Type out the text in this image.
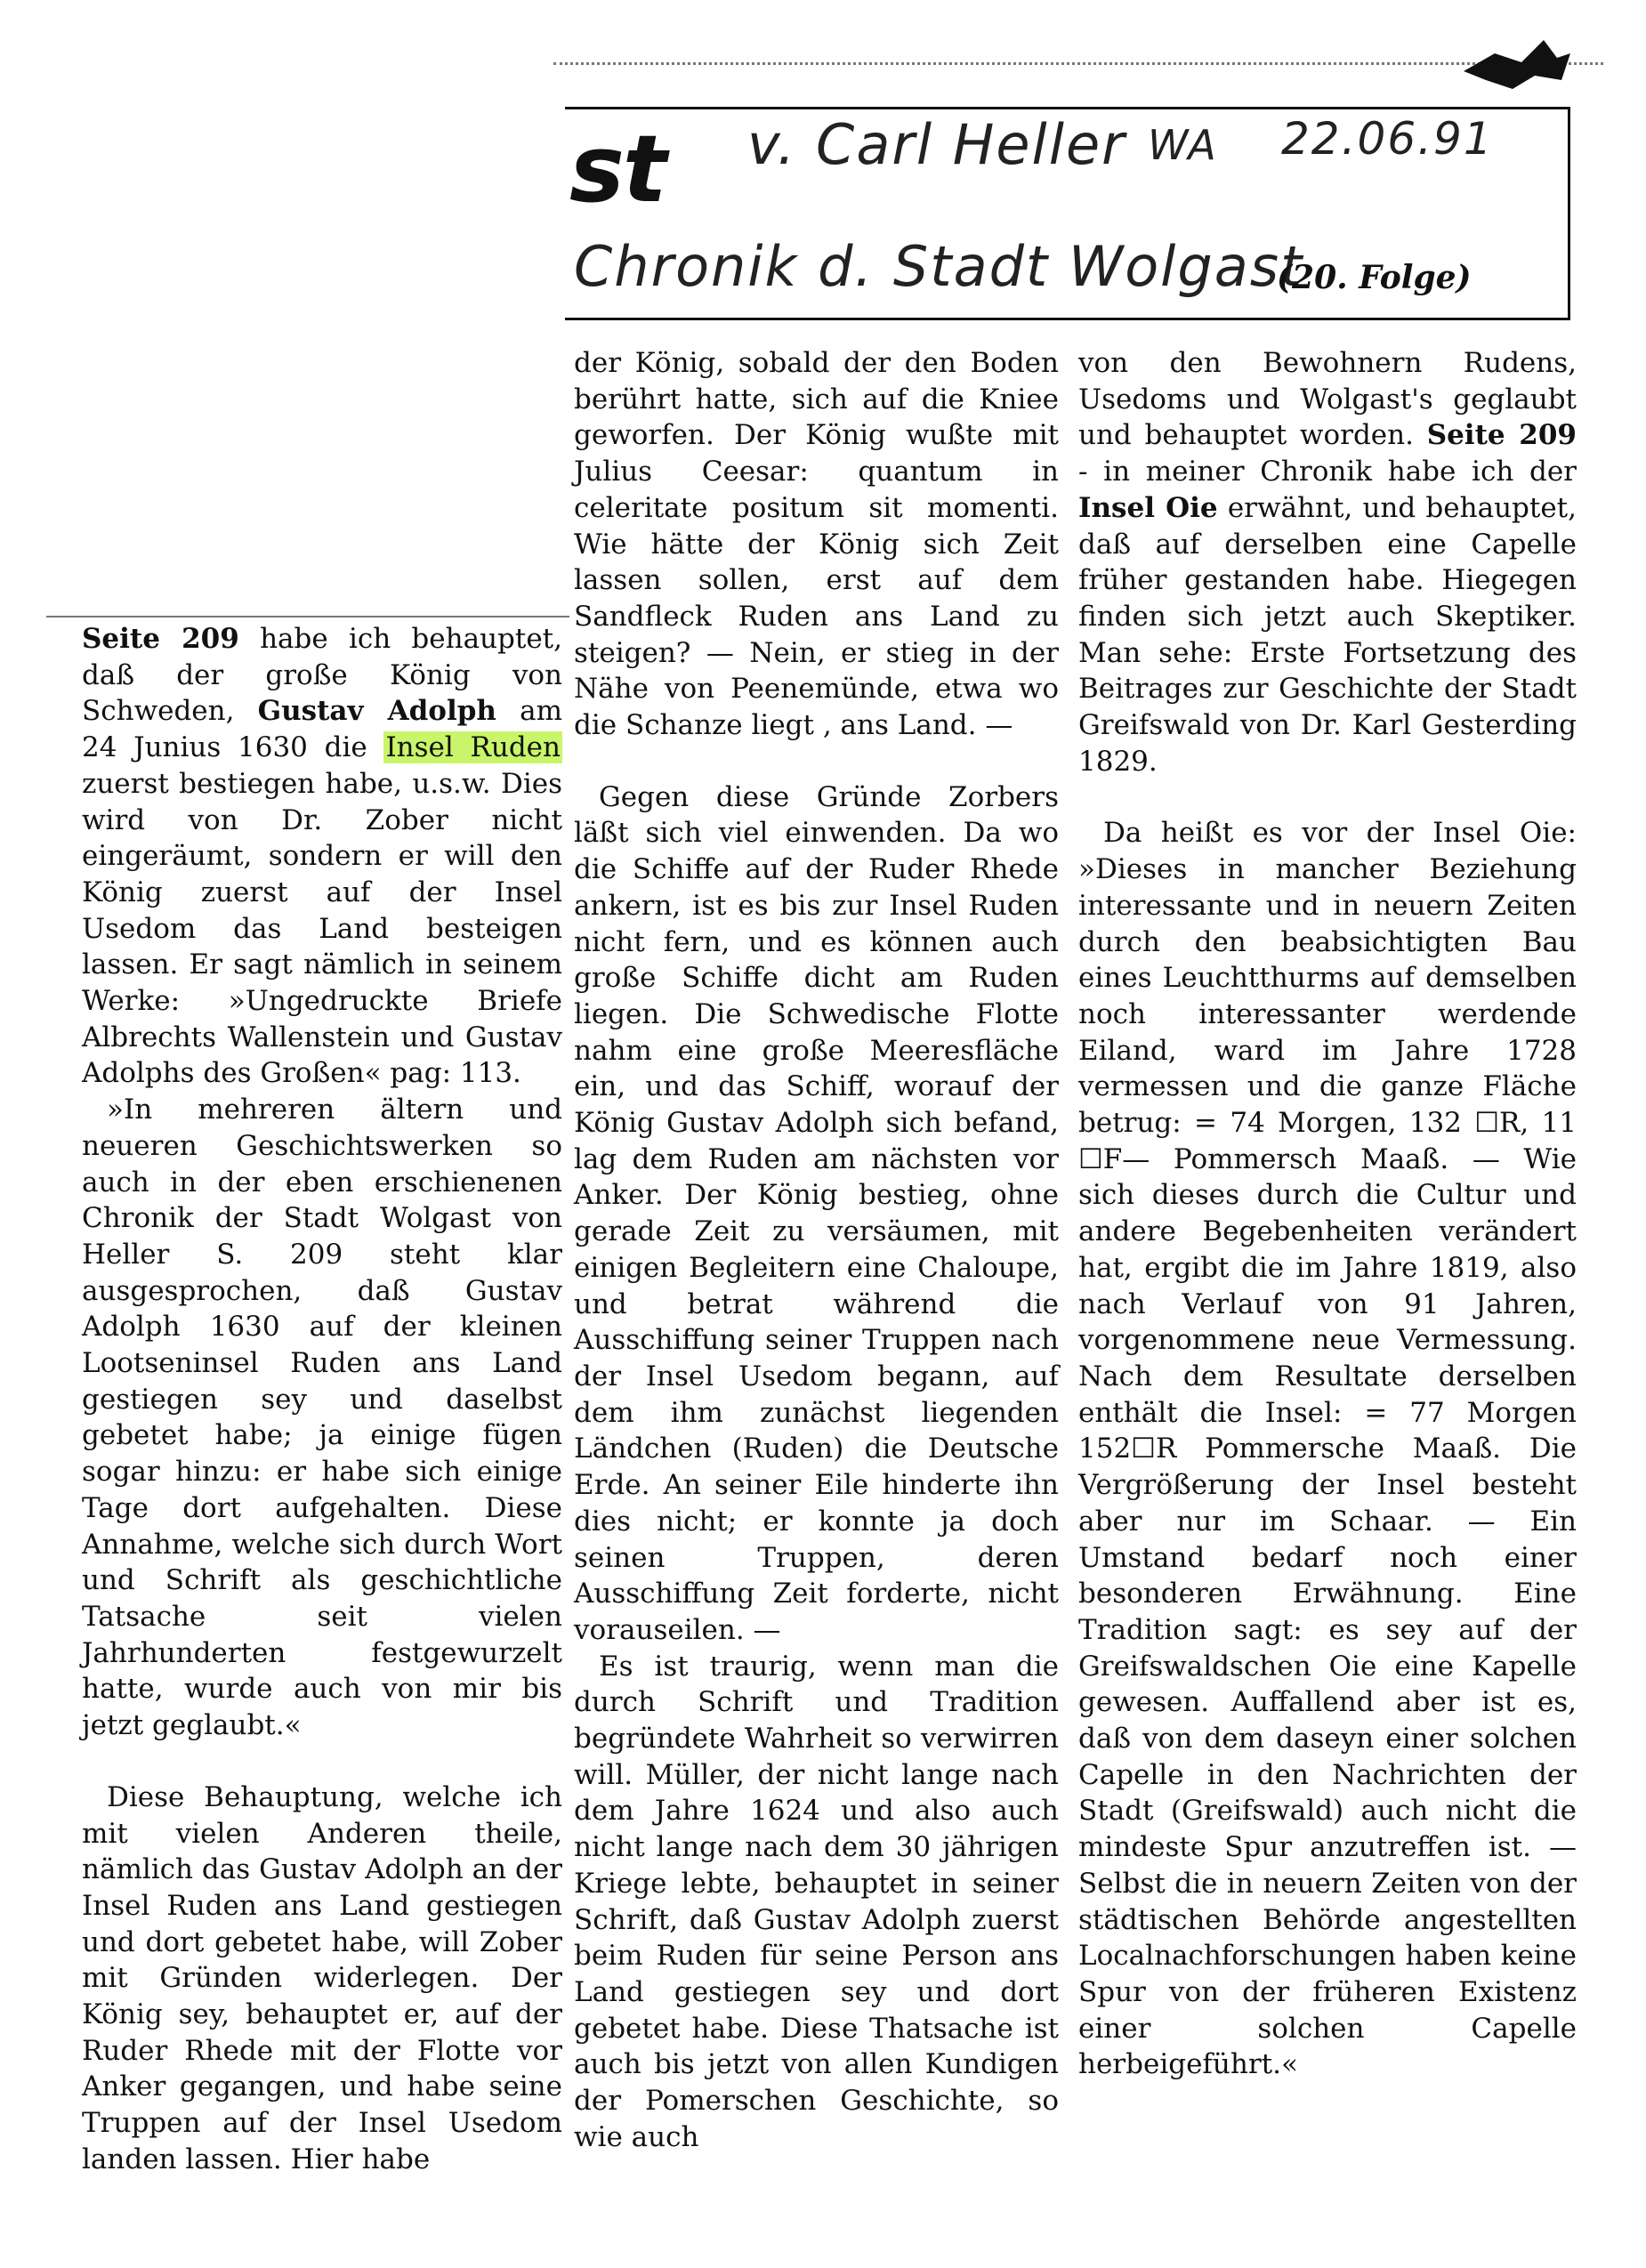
st	v. Carl Heller WA 22.06.91
Chronik d. Stadt Wolgast
(20. Folge)

Seite 209 habe ich behauptet, daß der große König von Schweden, Gustav Adolph am 24 Junius 1630 die Insel Ruden zuerst bestiegen habe, u.s.w. Dies wird von Dr. Zober nicht eingeräumt, sondern er will den König zuerst auf der Insel Usedom das Land besteigen lassen. Er sagt nämlich in seinem Werke: »Ungedruckte Briefe Albrechts Wallenstein und Gustav Adolphs des Großen« pag: 113.

»In mehreren ältern und neueren Geschichtswerken so auch in der eben erschienenen Chronik der Stadt Wolgast von Heller S. 209 steht klar ausgesprochen, daß Gustav Adolph 1630 auf der kleinen Lootseninsel Ruden ans Land gestiegen sey und daselbst gebetet habe; ja einige fügen sogar hinzu: er habe sich einige Tage dort aufgehalten. Diese Annahme, welche sich durch Wort und Schrift als geschichtliche Tatsache seit vielen Jahrhunderten festgewurzelt hatte, wurde auch von mir bis jetzt geglaubt.«

Diese Behauptung, welche ich mit vielen Anderen theile, nämlich das Gustav Adolph an der Insel Ruden ans Land gestiegen und dort gebetet habe, will Zober mit Gründen widerlegen. Der König sey, behauptet er, auf der Ruder Rhede mit der Flotte vor Anker gegangen, und habe seine Truppen auf der Insel Usedom landen lassen. Hier habe

der König, sobald der den Boden berührt hatte, sich auf die Kniee geworfen. Der König wußte mit Julius Ceesar: quantum in celeritate positum sit momenti. Wie hätte der König sich Zeit lassen sollen, erst auf dem Sandfleck Ruden ans Land zu steigen? — Nein, er stieg in der Nähe von Peenemünde, etwa wo die Schanze liegt , ans Land. —

Gegen diese Gründe Zorbers läßt sich viel einwenden. Da wo die Schiffe auf der Ruder Rhede ankern, ist es bis zur Insel Ruden nicht fern, und es können auch große Schiffe dicht am Ruden liegen. Die Schwedische Flotte nahm eine große Meeresfläche ein, und das Schiff, worauf der König Gustav Adolph sich befand, lag dem Ruden am nächsten vor Anker. Der König bestieg, ohne gerade Zeit zu versäumen, mit einigen Begleitern eine Chaloupe, und betrat während die Ausschiffung seiner Truppen nach der Insel Usedom begann, auf dem ihm zunächst liegenden Ländchen (Ruden) die Deutsche Erde. An seiner Eile hinderte ihn dies nicht; er konnte ja doch seinen Truppen, deren Ausschiffung Zeit forderte, nicht vorauseilen. —

Es ist traurig, wenn man die durch Schrift und Tradition begründete Wahrheit so verwirren will. Müller, der nicht lange nach dem Jahre 1624 und also auch nicht lange nach dem 30 jährigen Kriege lebte, behauptet in seiner Schrift, daß Gustav Adolph zuerst beim Ruden für seine Person ans Land gestiegen sey und dort gebetet habe. Diese Thatsache ist auch bis jetzt von allen Kundigen der Pomerschen Geschichte, so wie auch

von den Bewohnern Rudens, Usedoms und Wolgast's geglaubt und behauptet worden. Seite 209 - in meiner Chronik habe ich der Insel Oie erwähnt, und behauptet, daß auf derselben eine Capelle früher gestanden habe. Hiegegen finden sich jetzt auch Skeptiker. Man sehe: Erste Fortsetzung des Beitrages zur Geschichte der Stadt Greifswald von Dr. Karl Gesterding 1829.

Da heißt es vor der Insel Oie: »Dieses in mancher Beziehung interessante und in neuern Zeiten durch den beabsichtigten Bau eines Leuchtthurms auf demselben noch interessanter werdende Eiland, ward im Jahre 1728 vermessen und die ganze Fläche betrug: = 74 Morgen, 132 ☐R, 11 ☐F— Pommersch Maaß. — Wie sich dieses durch die Cultur und andere Begebenheiten verändert hat, ergibt die im Jahre 1819, also nach Verlauf von 91 Jahren, vorgenommene neue Vermessung. Nach dem Resultate derselben enthält die Insel: = 77 Morgen 152☐R Pommersche Maaß. Die Vergrößerung der Insel besteht aber nur im Schaar. — Ein Umstand bedarf noch einer besonderen Erwähnung. Eine Tradition sagt: es sey auf der Greifswaldschen Oie eine Kapelle gewesen. Auffallend aber ist es, daß von dem daseyn einer solchen Capelle in den Nachrichten der Stadt (Greifswald) auch nicht die mindeste Spur anzutreffen ist. — Selbst die in neuern Zeiten von der städtischen Behörde angestellten Localnachforschungen haben keine Spur von der früheren Existenz einer solchen Capelle herbeigeführt.«
